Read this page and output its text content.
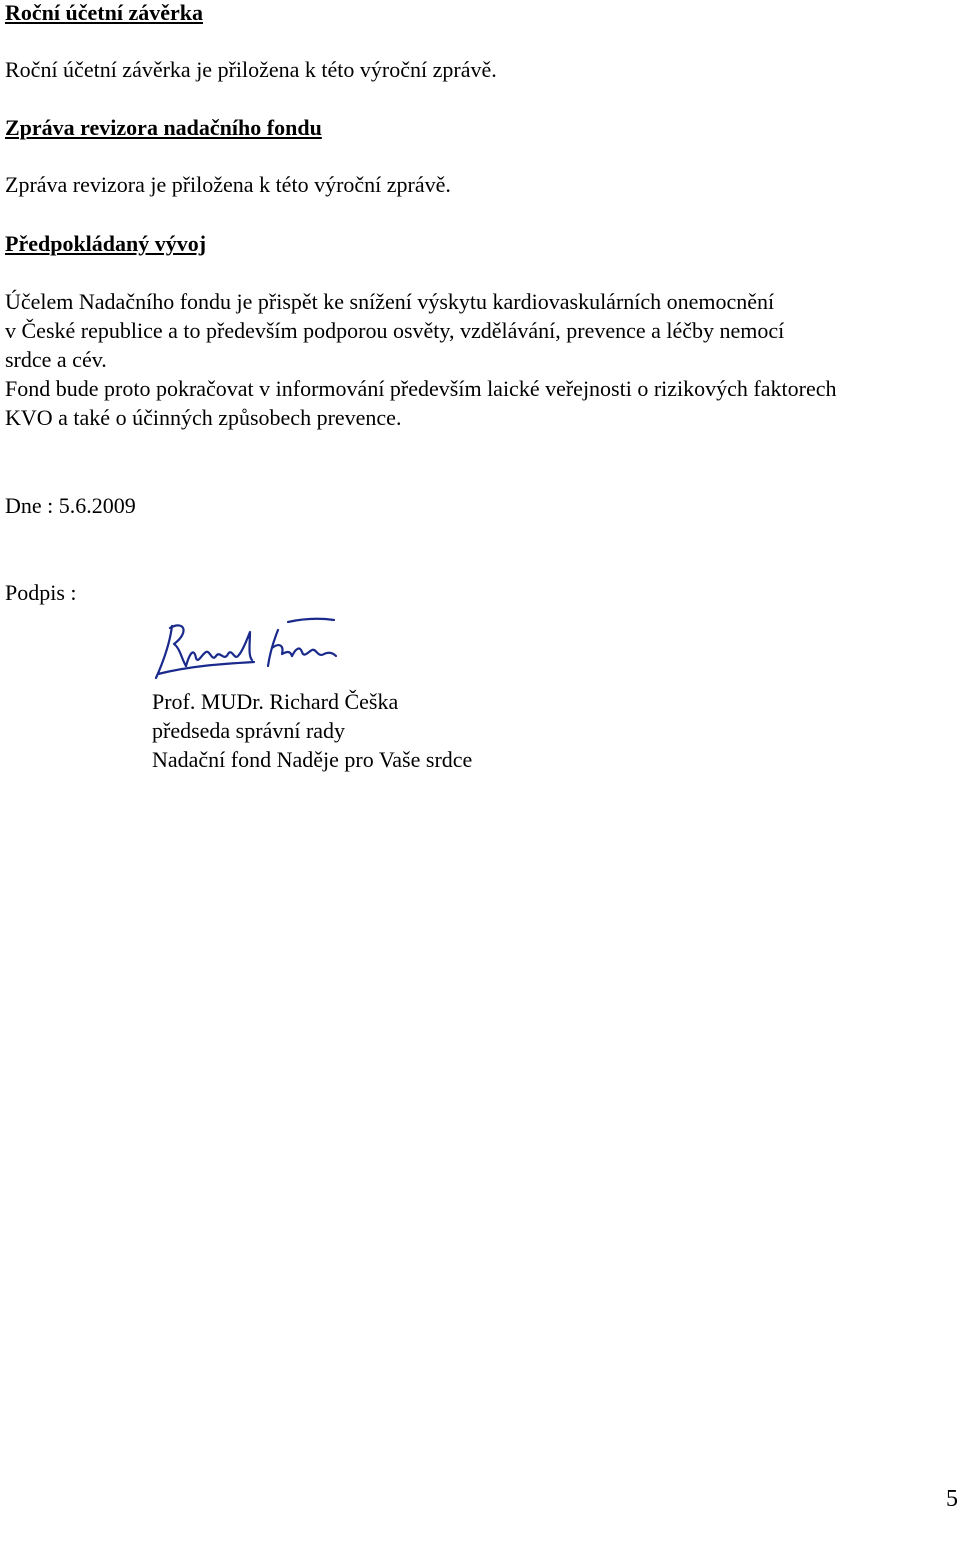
Roční účetní závěrka

Roční účetní závěrka je přiložena k této výroční zprávě.

Zpráva revizora nadačního fondu

Zpráva revizora je přiložena k této výroční zprávě.

Předpokládaný vývoj
Účelem Nadačního fondu je přispět ke snížení výskytu kardiovaskulárních onemocnění
v České republice a to především podporou osvěty, vzdělávání, prevence a léčby nemocí
srdce a cév.
Fond bude proto pokračovat v informování především laické veřejnosti o rizikových faktorech
KVO a také o účinných způsobech prevence.

Dne : 5.6.2009

Podpis :

Prof. MUDr. Richard Češka
předseda správní rady
Nadační fond Naděje pro Vaše srdce
5
